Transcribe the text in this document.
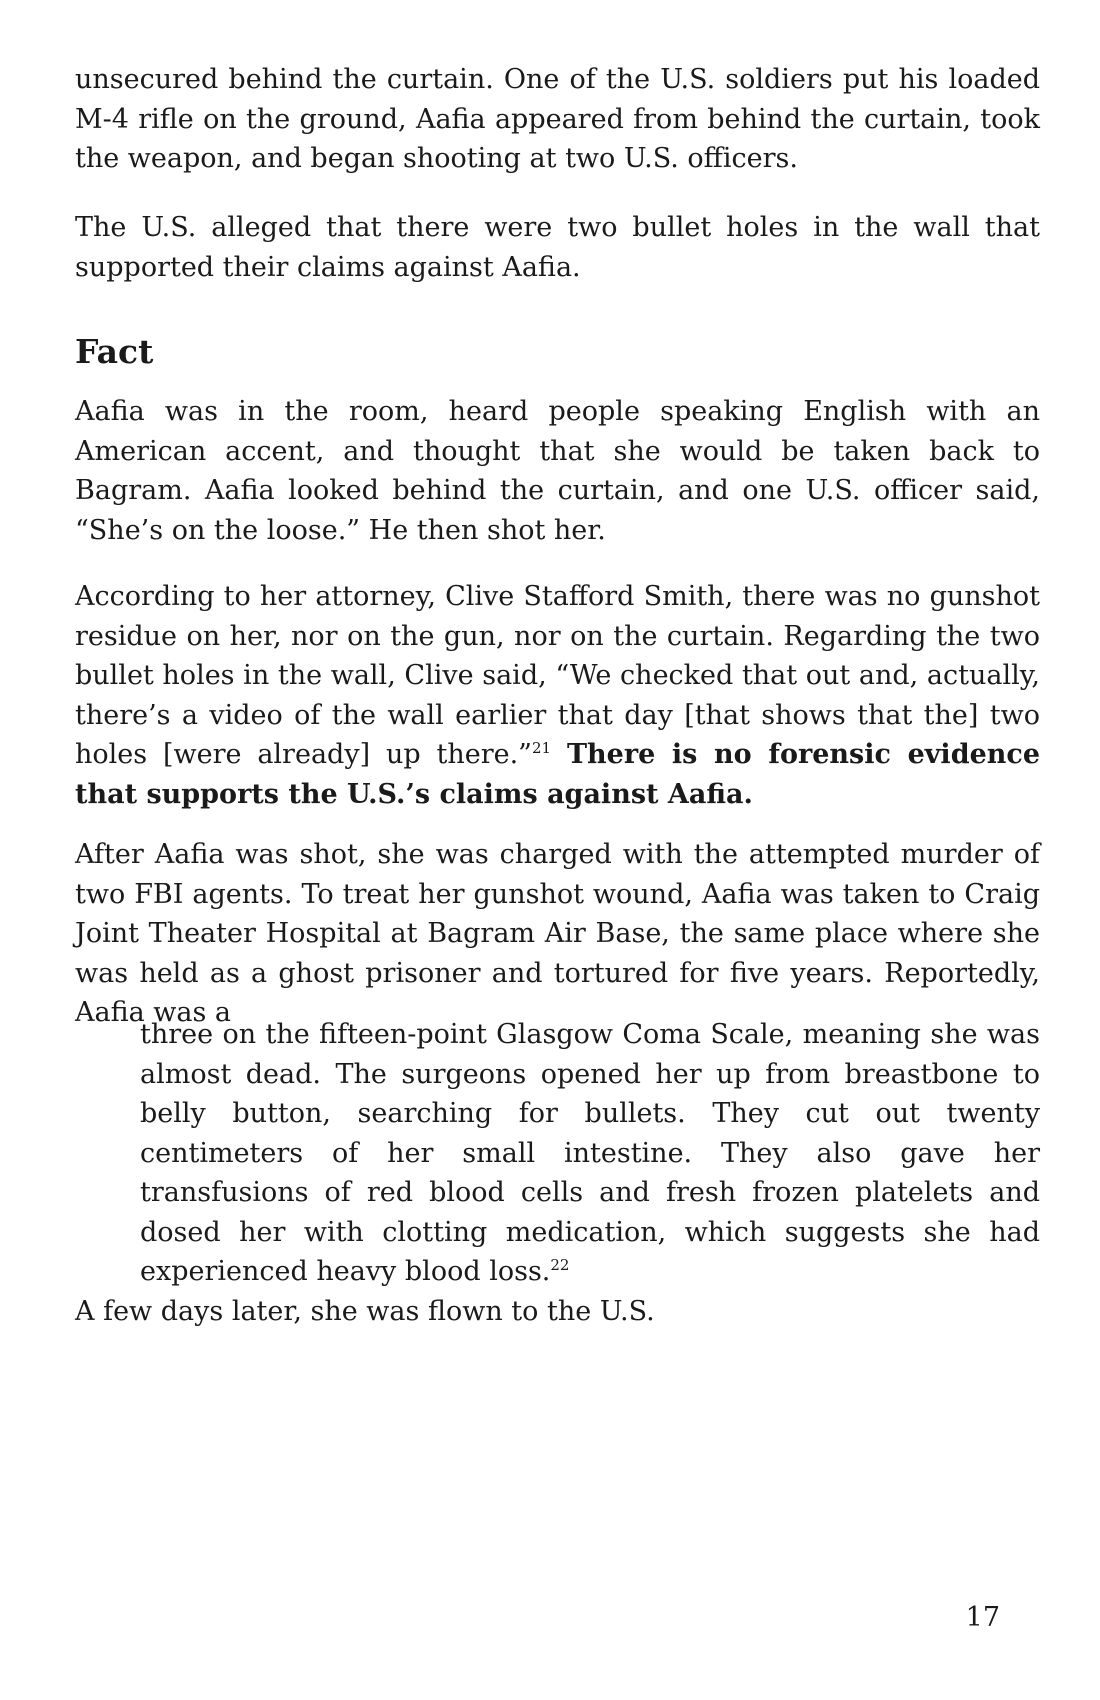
unsecured behind the curtain. One of the U.S. soldiers put his loaded M-4 rifle on the ground, Aafia appeared from behind the curtain, took the weapon, and began shooting at two U.S. officers.

The U.S. alleged that there were two bullet holes in the wall that supported their claims against Aafia.

Fact

Aafia was in the room, heard people speaking English with an American accent, and thought that she would be taken back to Bagram. Aafia looked behind the curtain, and one U.S. officer said, “She’s on the loose.” He then shot her.

According to her attorney, Clive Stafford Smith, there was no gunshot residue on her, nor on the gun, nor on the curtain. Regarding the two bullet holes in the wall, Clive said, “We checked that out and, actually, there’s a video of the wall earlier that day [that shows that the] two holes [were already] up there.”$^{21}$ There is no forensic evidence that supports the U.S.’s claims against Aafia.

After Aafia was shot, she was charged with the attempted murder of two FBI agents. To treat her gunshot wound, Aafia was taken to Craig Joint Theater Hospital at Bagram Air Base, the same place where she was held as a ghost prisoner and tortured for five years. Reportedly, Aafia was a

three on the fifteen-point Glasgow Coma Scale, meaning she was almost dead. The surgeons opened her up from breastbone to belly button, searching for bullets. They cut out twenty centimeters of her small intestine. They also gave her transfusions of red blood cells and fresh frozen platelets and dosed her with clotting medication, which suggests she had experienced heavy blood loss.$^{22}$

A few days later, she was flown to the U.S.

17
